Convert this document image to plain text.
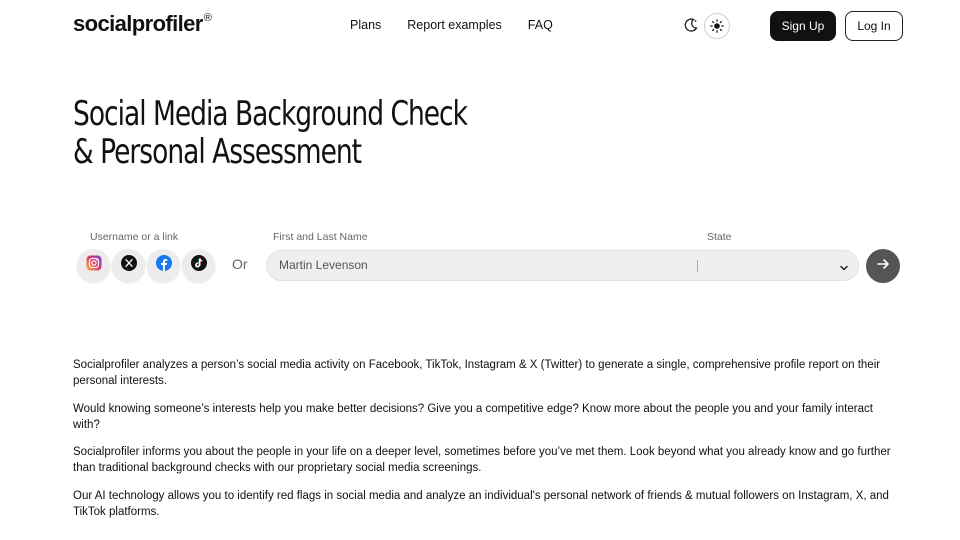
socialprofiler®
Plans Report examples FAQ	Sign Up	Log In
Social Media Background Check
& Personal Assessment
Username or a link	First and Last Name	State
Or	Martin Levenson

Socialprofiler analyzes a person’s social media activity on Facebook, TikTok, Instagram & X (Twitter) to generate a single, comprehensive profile report on their personal interests.

Would knowing someone’s interests help you make better decisions? Give you a competitive edge? Know more about the people you and your family interact with?

Socialprofiler informs you about the people in your life on a deeper level, sometimes before you’ve met them. Look beyond what you already know and go further than traditional background checks with our proprietary social media screenings.

Our AI technology allows you to identify red flags in social media and analyze an individual's personal network of friends & mutual followers on Instagram, X, and TikTok platforms.
